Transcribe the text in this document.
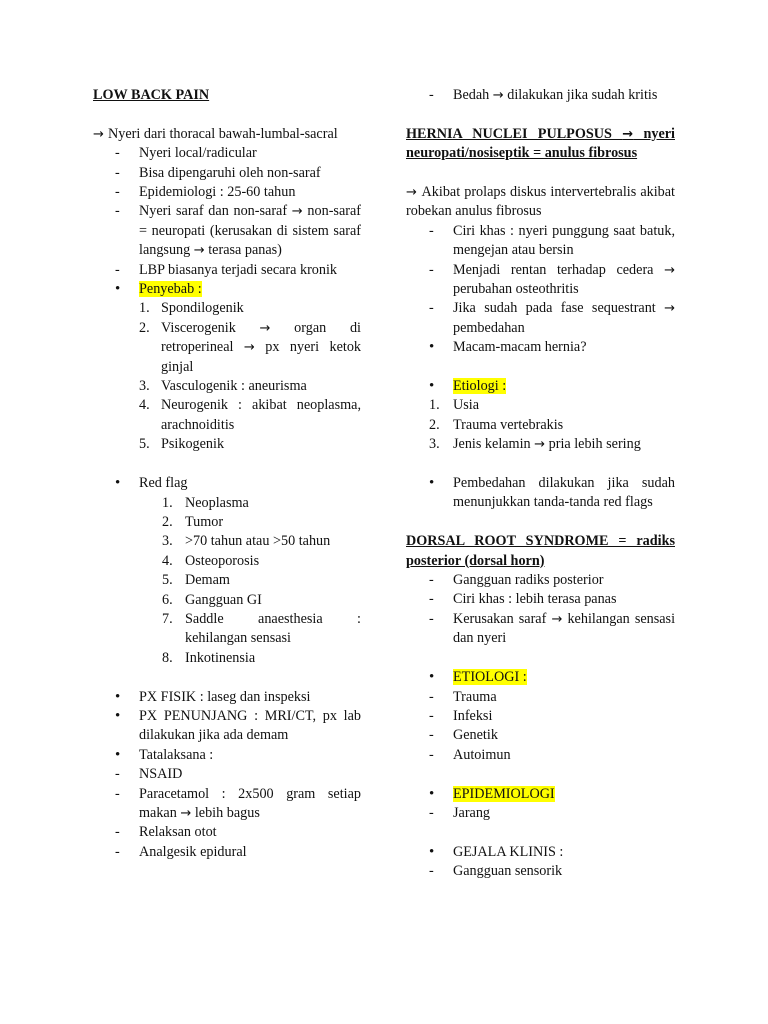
LOW BACK PAIN
→ Nyeri dari thoracal bawah-lumbal-sacral
- Nyeri local/radicular
- Bisa dipengaruhi oleh non-saraf
- Epidemiologi : 25-60 tahun
- Nyeri saraf dan non-saraf → non-saraf = neuropati (kerusakan di sistem saraf langsung → terasa panas)
- LBP biasanya terjadi secara kronik
• Penyebab :
1. Spondilogenik
2. Viscerogenik → organ di retroperineal → px nyeri ketok ginjal
3. Vasculogenik : aneurisma
4. Neurogenik : akibat neoplasma, arachnoiditis
5. Psikogenik
• Red flag
1. Neoplasma
2. Tumor
3. >70 tahun atau >50 tahun
4. Osteoporosis
5. Demam
6. Gangguan GI
7. Saddle anaesthesia : kehilangan sensasi
8. Inkotinensia
• PX FISIK : laseg dan inspeksi
• PX PENUNJANG : MRI/CT, px lab dilakukan jika ada demam
• Tatalaksana :
- NSAID
- Paracetamol : 2x500 gram setiap makan → lebih bagus
- Relaksan otot
- Analgesik epidural
- Bedah → dilakukan jika sudah kritis
HERNIA NUCLEI PULPOSUS → nyeri neuropati/nosiseptik = anulus fibrosus
→ Akibat prolaps diskus intervertebralis akibat robekan anulus fibrosus
- Ciri khas : nyeri punggung saat batuk, mengejan atau bersin
- Menjadi rentan terhadap cedera → perubahan osteothritis
- Jika sudah pada fase sequestrant → pembedahan
• Macam-macam hernia?
• Etiologi :
1. Usia
2. Trauma vertebrakis
3. Jenis kelamin → pria lebih sering
• Pembedahan dilakukan jika sudah menunjukkan tanda-tanda red flags
DORSAL ROOT SYNDROME = radiks posterior (dorsal horn)
- Gangguan radiks posterior
- Ciri khas : lebih terasa panas
- Kerusakan saraf → kehilangan sensasi dan nyeri
• ETIOLOGI :
- Trauma
- Infeksi
- Genetik
- Autoimun
• EPIDEMIOLOGI
- Jarang
• GEJALA KLINIS :
- Gangguan sensorik
